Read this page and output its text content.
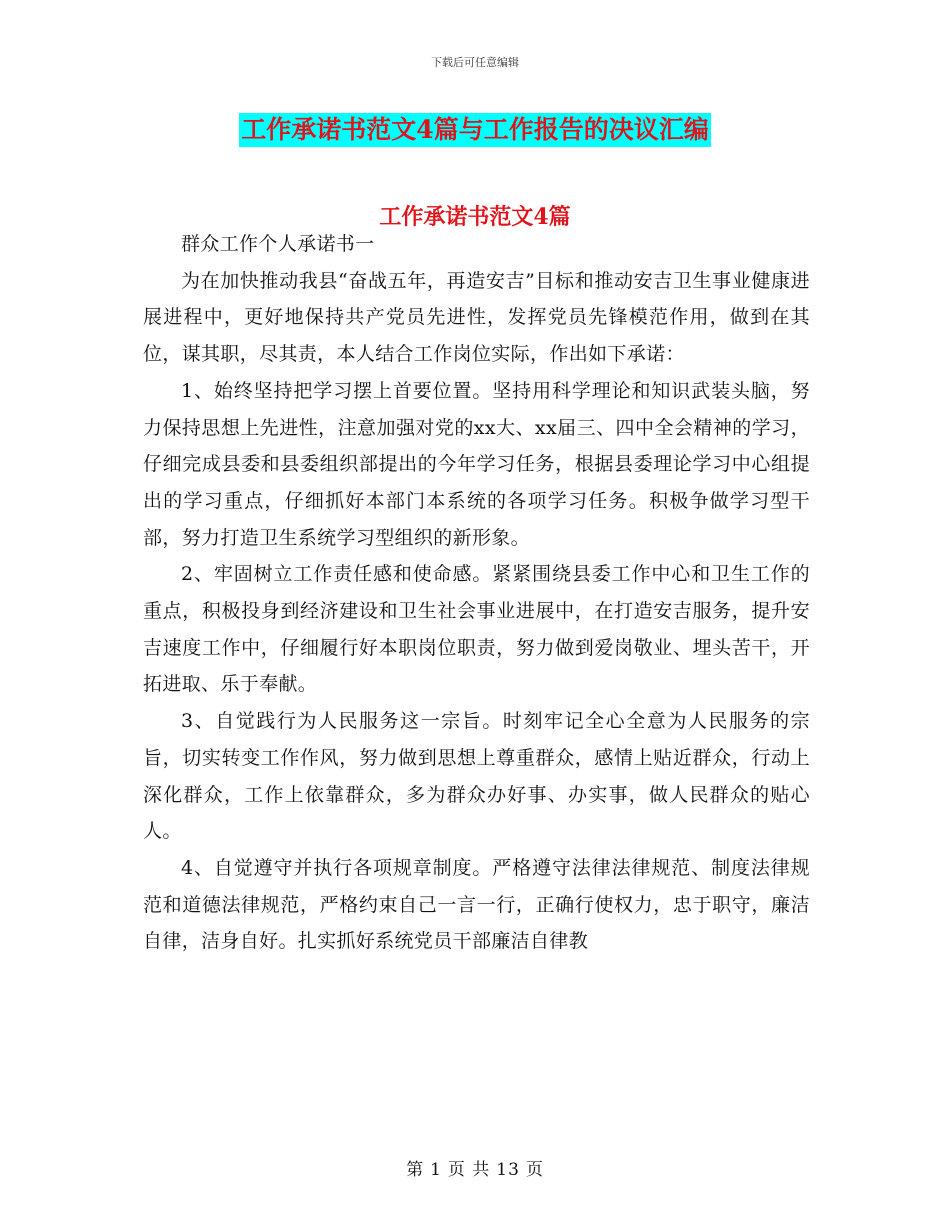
下载后可任意编辑
工作承诺书范文4篇与工作报告的决议汇编
工作承诺书范文4篇

群众工作个人承诺书一

为在加快推动我县“奋战五年，再造安吉”目标和推动安吉卫生事业健康进展进程中，更好地保持共产党员先进性，发挥党员先锋模范作用，做到在其位，谋其职，尽其责，本人结合工作岗位实际，作出如下承诺：

1、始终坚持把学习摆上首要位置。坚持用科学理论和知识武装头脑，努力保持思想上先进性，注意加强对党的xx大、xx届三、四中全会精神的学习，仔细完成县委和县委组织部提出的今年学习任务，根据县委理论学习中心组提出的学习重点，仔细抓好本部门本系统的各项学习任务。积极争做学习型干部，努力打造卫生系统学习型组织的新形象。

2、牢固树立工作责任感和使命感。紧紧围绕县委工作中心和卫生工作的重点，积极投身到经济建设和卫生社会事业进展中，在打造安吉服务，提升安吉速度工作中，仔细履行好本职岗位职责，努力做到爱岗敬业、埋头苦干，开拓进取、乐于奉献。

3、自觉践行为人民服务这一宗旨。时刻牢记全心全意为人民服务的宗旨，切实转变工作作风，努力做到思想上尊重群众，感情上贴近群众，行动上深化群众，工作上依靠群众，多为群众办好事、办实事，做人民群众的贴心人。

4、自觉遵守并执行各项规章制度。严格遵守法律法律规范、制度法律规范和道德法律规范，严格约束自己一言一行，正确行使权力，忠于职守，廉洁自律，洁身自好。扎实抓好系统党员干部廉洁自律教

第 1 页 共 13 页
